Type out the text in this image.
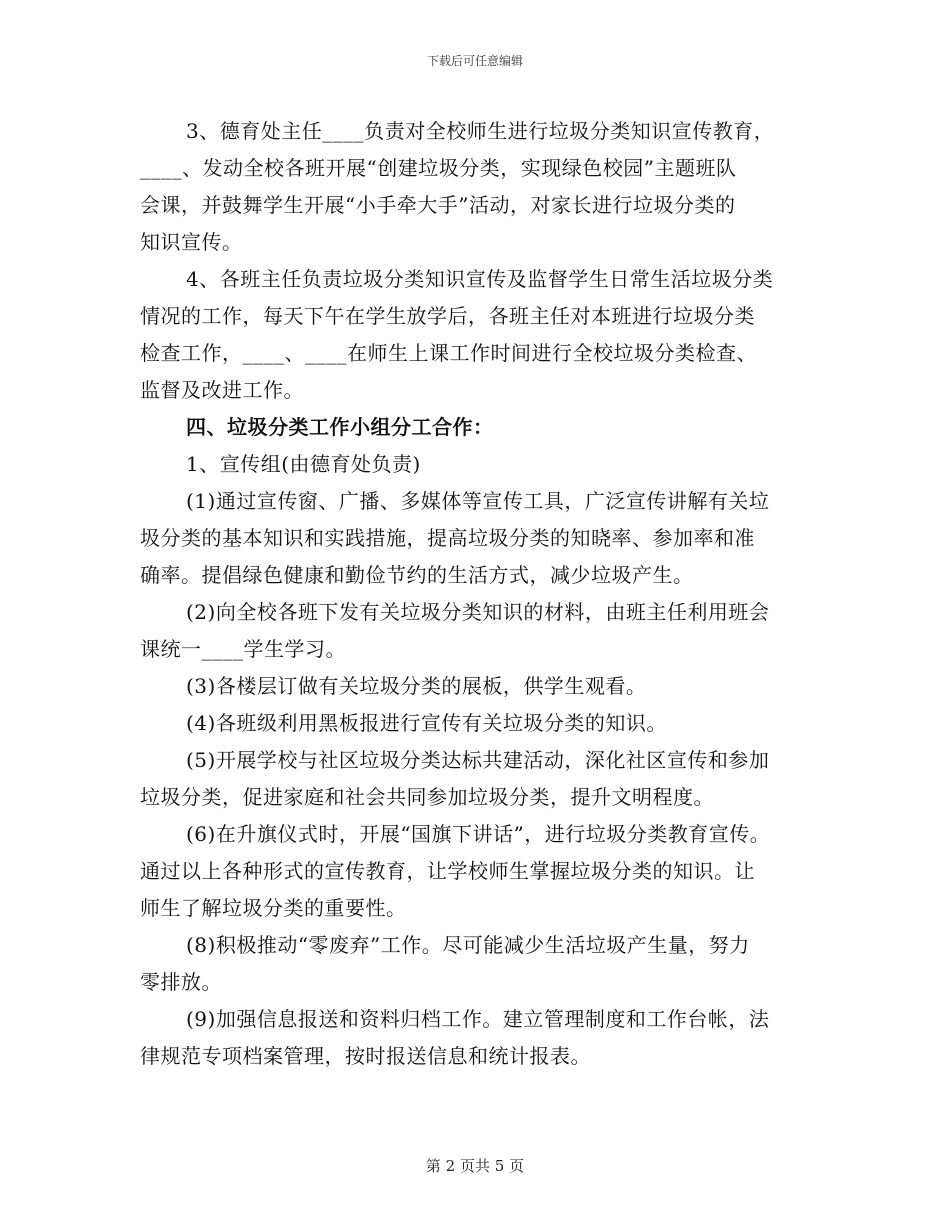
下载后可任意编辑
3、德育处主任____负责对全校师生进行垃圾分类知识宣传教育，
____、发动全校各班开展“创建垃圾分类，实现绿色校园”主题班队
会课，并鼓舞学生开展“小手牵大手”活动，对家长进行垃圾分类的
知识宣传。
4、各班主任负责垃圾分类知识宣传及监督学生日常生活垃圾分类
情况的工作，每天下午在学生放学后，各班主任对本班进行垃圾分类
检查工作，____、____在师生上课工作时间进行全校垃圾分类检查、
监督及改进工作。
四、垃圾分类工作小组分工合作：
1、宣传组(由德育处负责)
(1)通过宣传窗、广播、多媒体等宣传工具，广泛宣传讲解有关垃
圾分类的基本知识和实践措施，提高垃圾分类的知晓率、参加率和准
确率。提倡绿色健康和勤俭节约的生活方式，减少垃圾产生。
(2)向全校各班下发有关垃圾分类知识的材料，由班主任利用班会
课统一____学生学习。
(3)各楼层订做有关垃圾分类的展板，供学生观看。
(4)各班级利用黑板报进行宣传有关垃圾分类的知识。
(5)开展学校与社区垃圾分类达标共建活动，深化社区宣传和参加
垃圾分类，促进家庭和社会共同参加垃圾分类，提升文明程度。
(6)在升旗仪式时，开展“国旗下讲话”，进行垃圾分类教育宣传。
通过以上各种形式的宣传教育，让学校师生掌握垃圾分类的知识。让
师生了解垃圾分类的重要性。
(8)积极推动“零废弃”工作。尽可能减少生活垃圾产生量，努力
零排放。
(9)加强信息报送和资料归档工作。建立管理制度和工作台帐，法
律规范专项档案管理，按时报送信息和统计报表。
第 2 页共 5 页
